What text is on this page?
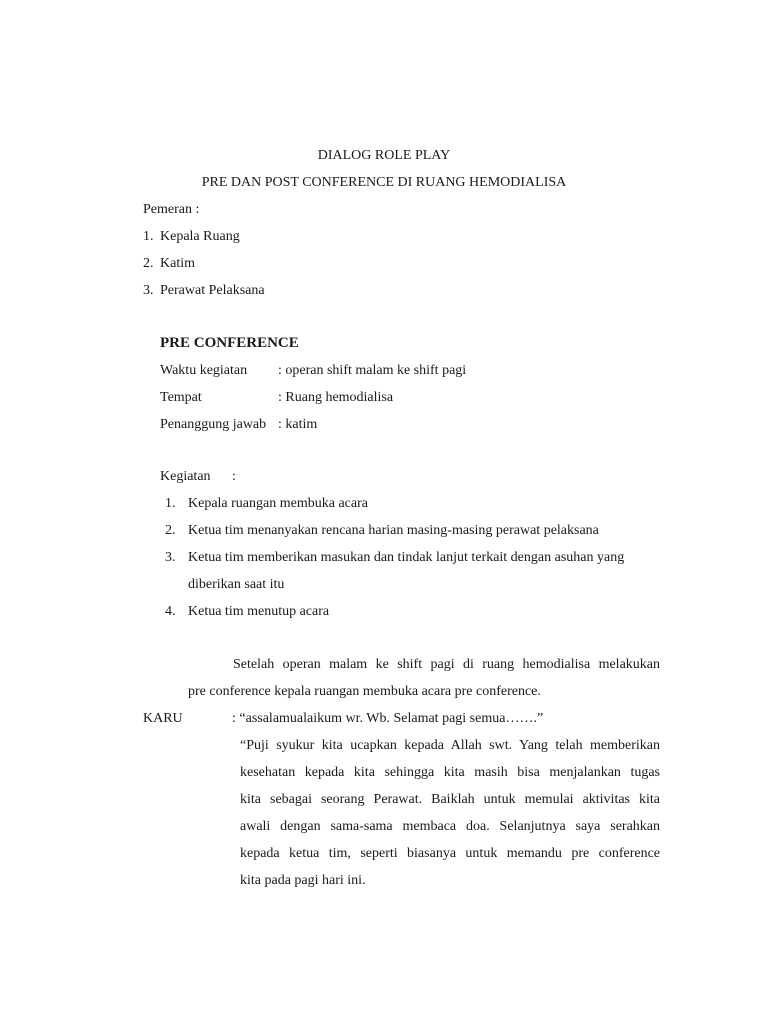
DIALOG ROLE PLAY
PRE DAN POST CONFERENCE DI RUANG HEMODIALISA
Pemeran :
1. Kepala Ruang
2. Katim
3. Perawat Pelaksana
PRE CONFERENCE
Waktu kegiatan : operan shift malam ke shift pagi
Tempat	: Ruang hemodialisa
Penanggung jawab : katim
Kegiatan :
1. Kepala ruangan membuka acara
2. Ketua tim menanyakan rencana harian masing-masing perawat pelaksana
3. Ketua tim memberikan masukan dan tindak lanjut terkait dengan asuhan yang
diberikan saat itu
4. Ketua tim menutup acara
Setelah operan malam ke shift pagi di ruang hemodialisa melakukan
pre conference kepala ruangan membuka acara pre conference.
KARU	: “assalamualaikum wr. Wb. Selamat pagi semua…….”
“Puji syukur kita ucapkan kepada Allah swt. Yang telah memberikan
kesehatan kepada kita sehingga kita masih bisa menjalankan tugas
kita sebagai seorang Perawat. Baiklah untuk memulai aktivitas kita
awali dengan sama-sama membaca doa. Selanjutnya saya serahkan
kepada ketua tim, seperti biasanya untuk memandu pre conference
kita pada pagi hari ini.
